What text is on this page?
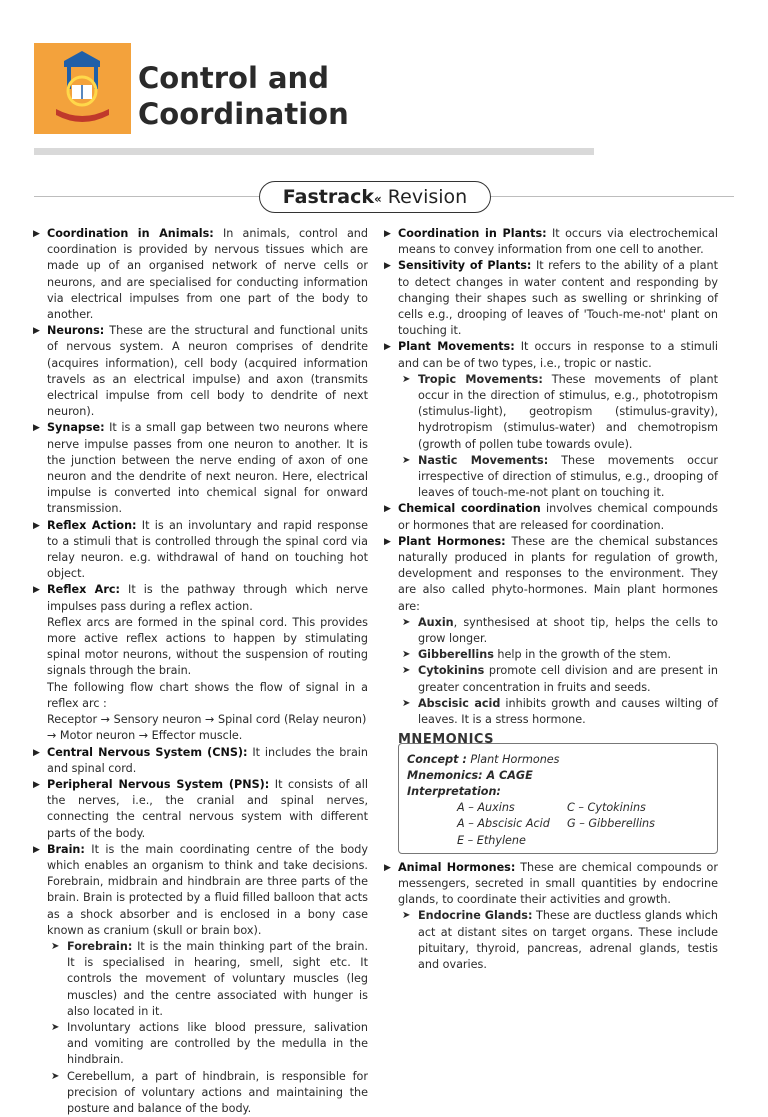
Control and
Coordination
Fastrack« Revision
▶ Coordination in Animals: In animals, control and coordination is provided by nervous tissues which are made up of an organised network of nerve cells or neurons, and are specialised for conducting information via electrical impulses from one part of the body to another.
▶ Neurons: These are the structural and functional units of nervous system. A neuron comprises of dendrite (acquires information), cell body (acquired information travels as an electrical impulse) and axon (transmits electrical impulse from cell body to dendrite of next neuron).
▶ Synapse: It is a small gap between two neurons where nerve impulse passes from one neuron to another. It is the junction between the nerve ending of axon of one neuron and the dendrite of next neuron. Here, electrical impulse is converted into chemical signal for onward transmission.
▶ Reflex Action: It is an involuntary and rapid response to a stimuli that is controlled through the spinal cord via relay neuron. e.g. withdrawal of hand on touching hot object.
▶ Reflex Arc: It is the pathway through which nerve impulses pass during a reflex action.
Reflex arcs are formed in the spinal cord. This provides more active reflex actions to happen by stimulating spinal motor neurons, without the suspension of routing signals through the brain.
The following flow chart shows the flow of signal in a reflex arc :
Receptor → Sensory neuron → Spinal cord (Relay neuron)
→ Motor neuron → Effector muscle.
▶ Central Nervous System (CNS): It includes the brain and spinal cord.
▶ Peripheral Nervous System (PNS): It consists of all the nerves, i.e., the cranial and spinal nerves, connecting the central nervous system with different parts of the body.
▶ Brain: It is the main coordinating centre of the body which enables an organism to think and take decisions. Forebrain, midbrain and hindbrain are three parts of the brain. Brain is protected by a fluid filled balloon that acts as a shock absorber and is enclosed in a bony case known as cranium (skull or brain box).
➤ Forebrain: It is the main thinking part of the brain. It is specialised in hearing, smell, sight etc. It controls the movement of voluntary muscles (leg muscles) and the centre associated with hunger is also located in it.
➤ Involuntary actions like blood pressure, salivation and vomiting are controlled by the medulla in the hindbrain.
➤ Cerebellum, a part of hindbrain, is responsible for precision of voluntary actions and maintaining the posture and balance of the body.
▶ Coordination in Plants: It occurs via electrochemical means to convey information from one cell to another.
▶ Sensitivity of Plants: It refers to the ability of a plant to detect changes in water content and responding by changing their shapes such as swelling or shrinking of cells e.g., drooping of leaves of 'Touch-me-not' plant on touching it.
▶ Plant Movements: It occurs in response to a stimuli and can be of two types, i.e., tropic or nastic.
➤ Tropic Movements: These movements of plant occur in the direction of stimulus, e.g., phototropism (stimulus-light), geotropism (stimulus-gravity), hydrotropism (stimulus-water) and chemotropism (growth of pollen tube towards ovule).
➤ Nastic Movements: These movements occur irrespective of direction of stimulus, e.g., drooping of leaves of touch-me-not plant on touching it.
▶ Chemical coordination involves chemical compounds or hormones that are released for coordination.
▶ Plant Hormones: These are the chemical substances naturally produced in plants for regulation of growth, development and responses to the environment. They are also called phyto-hormones. Main plant hormones are:
➤ Auxin, synthesised at shoot tip, helps the cells to grow longer.
➤ Gibberellins help in the growth of the stem.
➤ Cytokinins promote cell division and are present in greater concentration in fruits and seeds.
➤ Abscisic acid inhibits growth and causes wilting of leaves. It is a stress hormone.
MNEMONICS
Concept : Plant Hormones
Mnemonics: A CAGE
Interpretation:
A – Auxins	C – Cytokinins
A – Abscisic Acid	G – Gibberellins
E – Ethylene
▶ Animal Hormones: These are chemical compounds or messengers, secreted in small quantities by endocrine glands, to coordinate their activities and growth.
➤ Endocrine Glands: These are ductless glands which act at distant sites on target organs. These include pituitary, thyroid, pancreas, adrenal glands, testis and ovaries.
